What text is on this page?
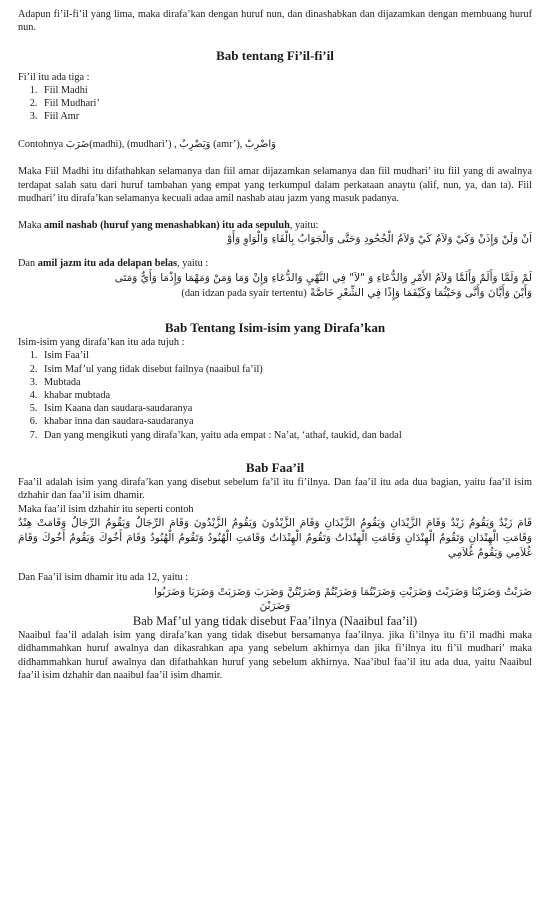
Adapun fi’il-fi’il yang lima, maka dirafa’kan dengan huruf nun, dan dinashabkan dan dijazamkan dengan membuang huruf nun.

Bab tentang Fi’il-fi’il

Fi’il itu ada tiga :

1. Fiil Madhi
2. Fiil Mudhari’
3. Fiil Amr

Contohnya ضَرَبَ(madhi), (mudhari’) , وَيَضْرِبُ (amr’), وَاضْرِبْ

Maka Fiil Madhi itu difathahkan selamanya dan fiil amar dijazamkan selamanya dan fiil mudhari’ itu fiil yang di awalnya terdapat salah satu dari huruf tambahan yang empat yang terkumpul dalam perkataan anaytu (alif, nun, ya, dan ta). Fiil mudhari’ itu dirafa’kan selamanya kecuali adaa amil nashab atau jazm yang masuk padanya.

Maka amil nashab (huruf yang menashabkan) itu ada sepuluh, yaitu:

اَنْ وَلَنْ وَإِذَنْ وَكَيْ وَلاَمُ كَيْ وَلاَمُ الْجُحُودِ وَحَتَّى وَالْجَوَابُ بِالْفَاءِ وَالْوَاوِ وَأَوْ

Dan amil jazm itu ada delapan belas, yaitu :

لَمْ وَلَمَّا وَأَلَمْ وَأَلَمَّا وَلاَمُ الأَمْرِ وَالدُّعَاءِ وَ "لاَ" فِي النَّهْيِ وَالدُّعَاءِ وَإِنْ وَمَا وَمَنْ وَمَهْمَا وَإِذْمَا وَأَيٌّ وَمَتَى

وَأَيْنَ وَأَيَّانَ وَأَنَّى وَحَيْثُمَا وَكَيْفَمَا وَإِذًا فِي الشِّعْرِ خَاصَّةً (dan idzan pada syair tertentu)

Bab Tentang Isim-isim yang Dirafa’kan

Isim-isim yang dirafa’kan itu ada tujuh :

1. Isim Faa’il
2. Isim Maf’ul yang tidak disebut failnya (naaibul fa’il)
3. Mubtada
4. khabar mubtada
5. Isim Kaana dan saudara-saudaranya
6. khabar inna dan saudara-saudaranya
7. Dan yang mengikuti yang dirafa’kan, yaitu ada empat : Na’at, ‘athaf, taukid, dan badal
Bab Faa’il

Faa’il adalah isim yang dirafa’kan yang disebut sebelum fa’il itu fi’ilnya. Dan faa’il itu ada dua bagian, yaitu faa’il isim dzhahir dan faa’il isim dhamir.

Maka faa’il isim dzhahir itu seperti contoh

قَامَ زَيْدٌ وَيَقُومُ زَيْدٌ وَقَامَ الزَّيْدَانِ وَيَقُومُ الزَّيْدَانِ وَقَامَ الزَّيْدُونَ وَيَقُومُ الزَّيْدُونَ وَقَامَ الرِّجَالُ وَيَقُومُ الرِّجَالُ وَقَامَتْ هِنْدٌ وَقَامَتِ الْهِنْدَانِ وَتَقُومُ الْهِنْدَانِ وَقَامَتِ الْهِنْدَاتُ وَتَقُومُ الْهِنْدَاتُ وَقَامَتِ الْهُنُودُ وَتَقُومُ الْهُنُودُ وَقَامَ أَخُوكَ وَيَقُومُ أَخُوكَ وَقَامَ غُلاَمِي وَيَقُومُ غُلاَمِي

Dan Faa’il isim dhamir itu ada 12, yaitu :

ضَرَبْتُ وَضَرَبْنَا وَضَرَبْتَ وَضَرَبْتِ وَضَرَبْتُمَا وَضَرَبْتُمْ وَضَرَبْتُنَّ وَضَرَبَ وَضَرَبَتْ وَضَرَبَا وَضَرَبُوا

وَضَرَبْنَ

Bab Maf’ul yang tidak disebut Faa’ilnya (Naaibul faa’il)

Naaibul faa’il adalah isim yang dirafa’kan yang tidak disebut bersamanya faa’ilnya. jika fi’ilnya itu fi’il madhi maka didhammahkan huruf awalnya dan dikasrahkan apa yang sebelum akhirnya dan jika fi’ilnya itu fi’il mudhari’ maka didhammahkan huruf awalnya dan difathahkan huruf yang sebelum akhirnya. Naa’ibul faa’il itu ada dua, yaitu Naaibul faa’il isim dzhahir dan naaibul faa’il isim dhamir.
